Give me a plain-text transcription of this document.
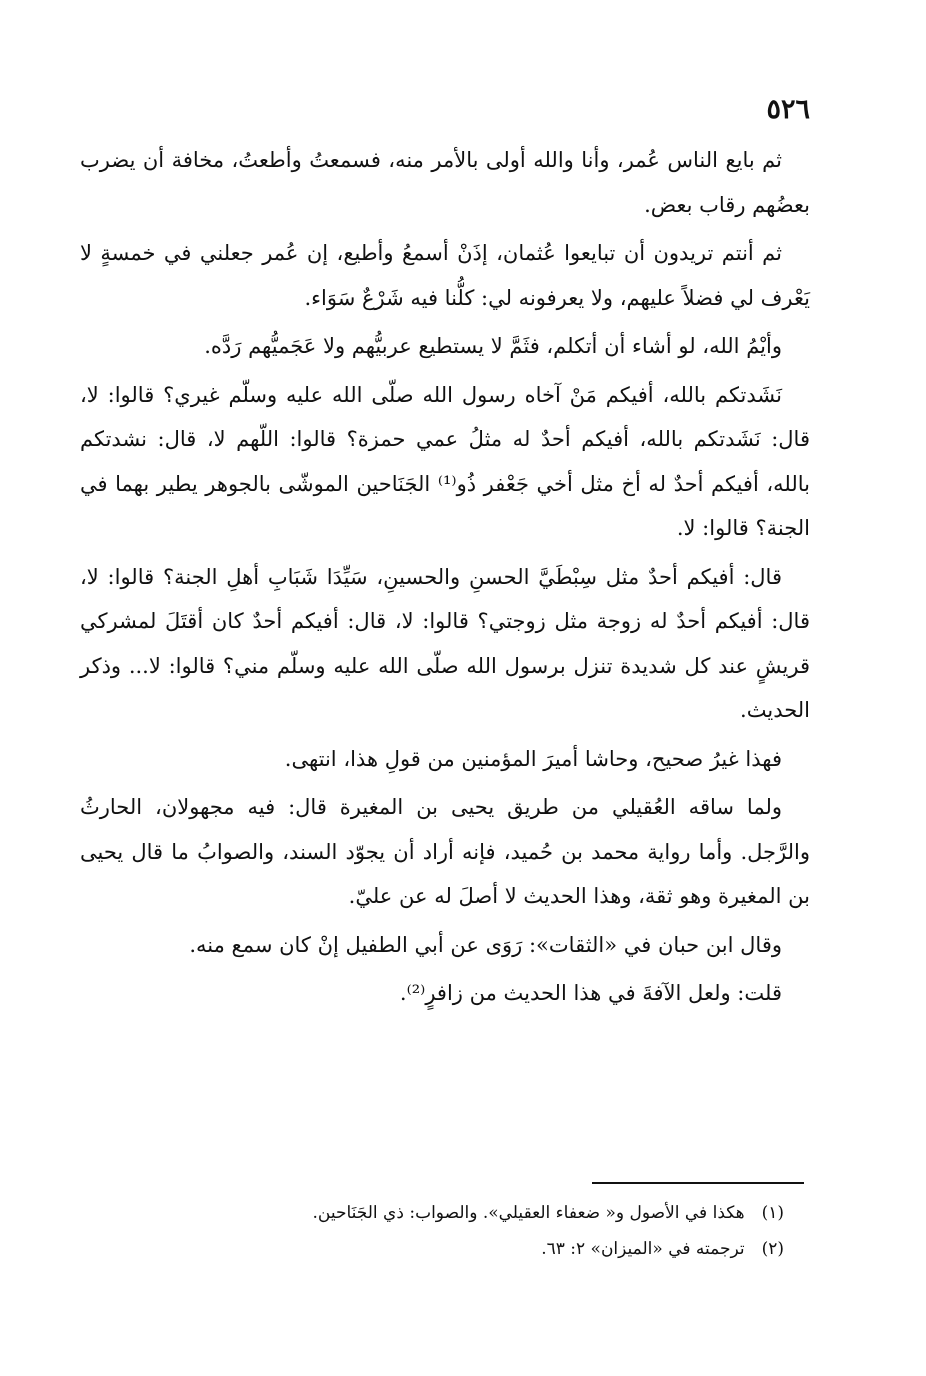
٥٢٦

ثم بايع الناس عُمر، وأنا والله أولى بالأمر منه، فسمعتُ وأطعتُ، مخافة أن يضرب بعضُهم رقاب بعض.

ثم أنتم تريدون أن تبايعوا عُثمان، إذَنْ أسمعُ وأطيع، إن عُمر جعلني في خمسةٍ لا يَعْرف لي فضلاً عليهم، ولا يعرفونه لي: كلُّنا فيه شَرْعٌ سَوَاء.

وأيْمُ الله، لو أشاء أن أتكلم، فثَمَّ لا يستطيع عربيُّهم ولا عَجَميُّهم رَدَّه.

نَشَدتكم بالله، أفيكم مَنْ آخاه رسول الله صلّى الله عليه وسلّم غيري؟ قالوا: لا، قال: نَشَدتكم بالله، أفيكم أحدٌ له مثلُ عمي حمزة؟ قالوا: اللّهم لا، قال: نشدتكم بالله، أفيكم أحدٌ له أخ مثل أخي جَعْفر ذُو⁽¹⁾ الجَنَاحين الموشّى بالجوهر يطير بهما في الجنة؟ قالوا: لا.

قال: أفيكم أحدٌ مثل سِبْطَيَّ الحسنِ والحسينِ، سَيِّدَا شَبَابِ أهلِ الجنة؟ قالوا: لا، قال: أفيكم أحدٌ له زوجة مثل زوجتي؟ قالوا: لا، قال: أفيكم أحدٌ كان أقتَلَ لمشركي قريشٍ عند كل شديدة تنزل برسول الله صلّى الله عليه وسلّم مني؟ قالوا: لا... وذكر الحديث.

فهذا غيرُ صحيح، وحاشا أميرَ المؤمنين من قولِ هذا، انتهى.

ولما ساقه العُقيلي من طريق يحيى بن المغيرة قال: فيه مجهولان، الحارثُ والرَّجل. وأما رواية محمد بن حُميد، فإنه أراد أن يجوّد السند، والصوابُ ما قال يحيى بن المغيرة وهو ثقة، وهذا الحديث لا أصلَ له عن عليّ.

وقال ابن حبان في «الثقات»: رَوَى عن أبي الطفيل إنْ كان سمع منه.

قلت: ولعل الآفةَ في هذا الحديث من زافرٍ⁽²⁾.

(١) هكذا في الأصول و« ضعفاء العقيلي». والصواب: ذي الجَنَاحين.
(٢) ترجمته في «الميزان» ٢: ٦٣.
